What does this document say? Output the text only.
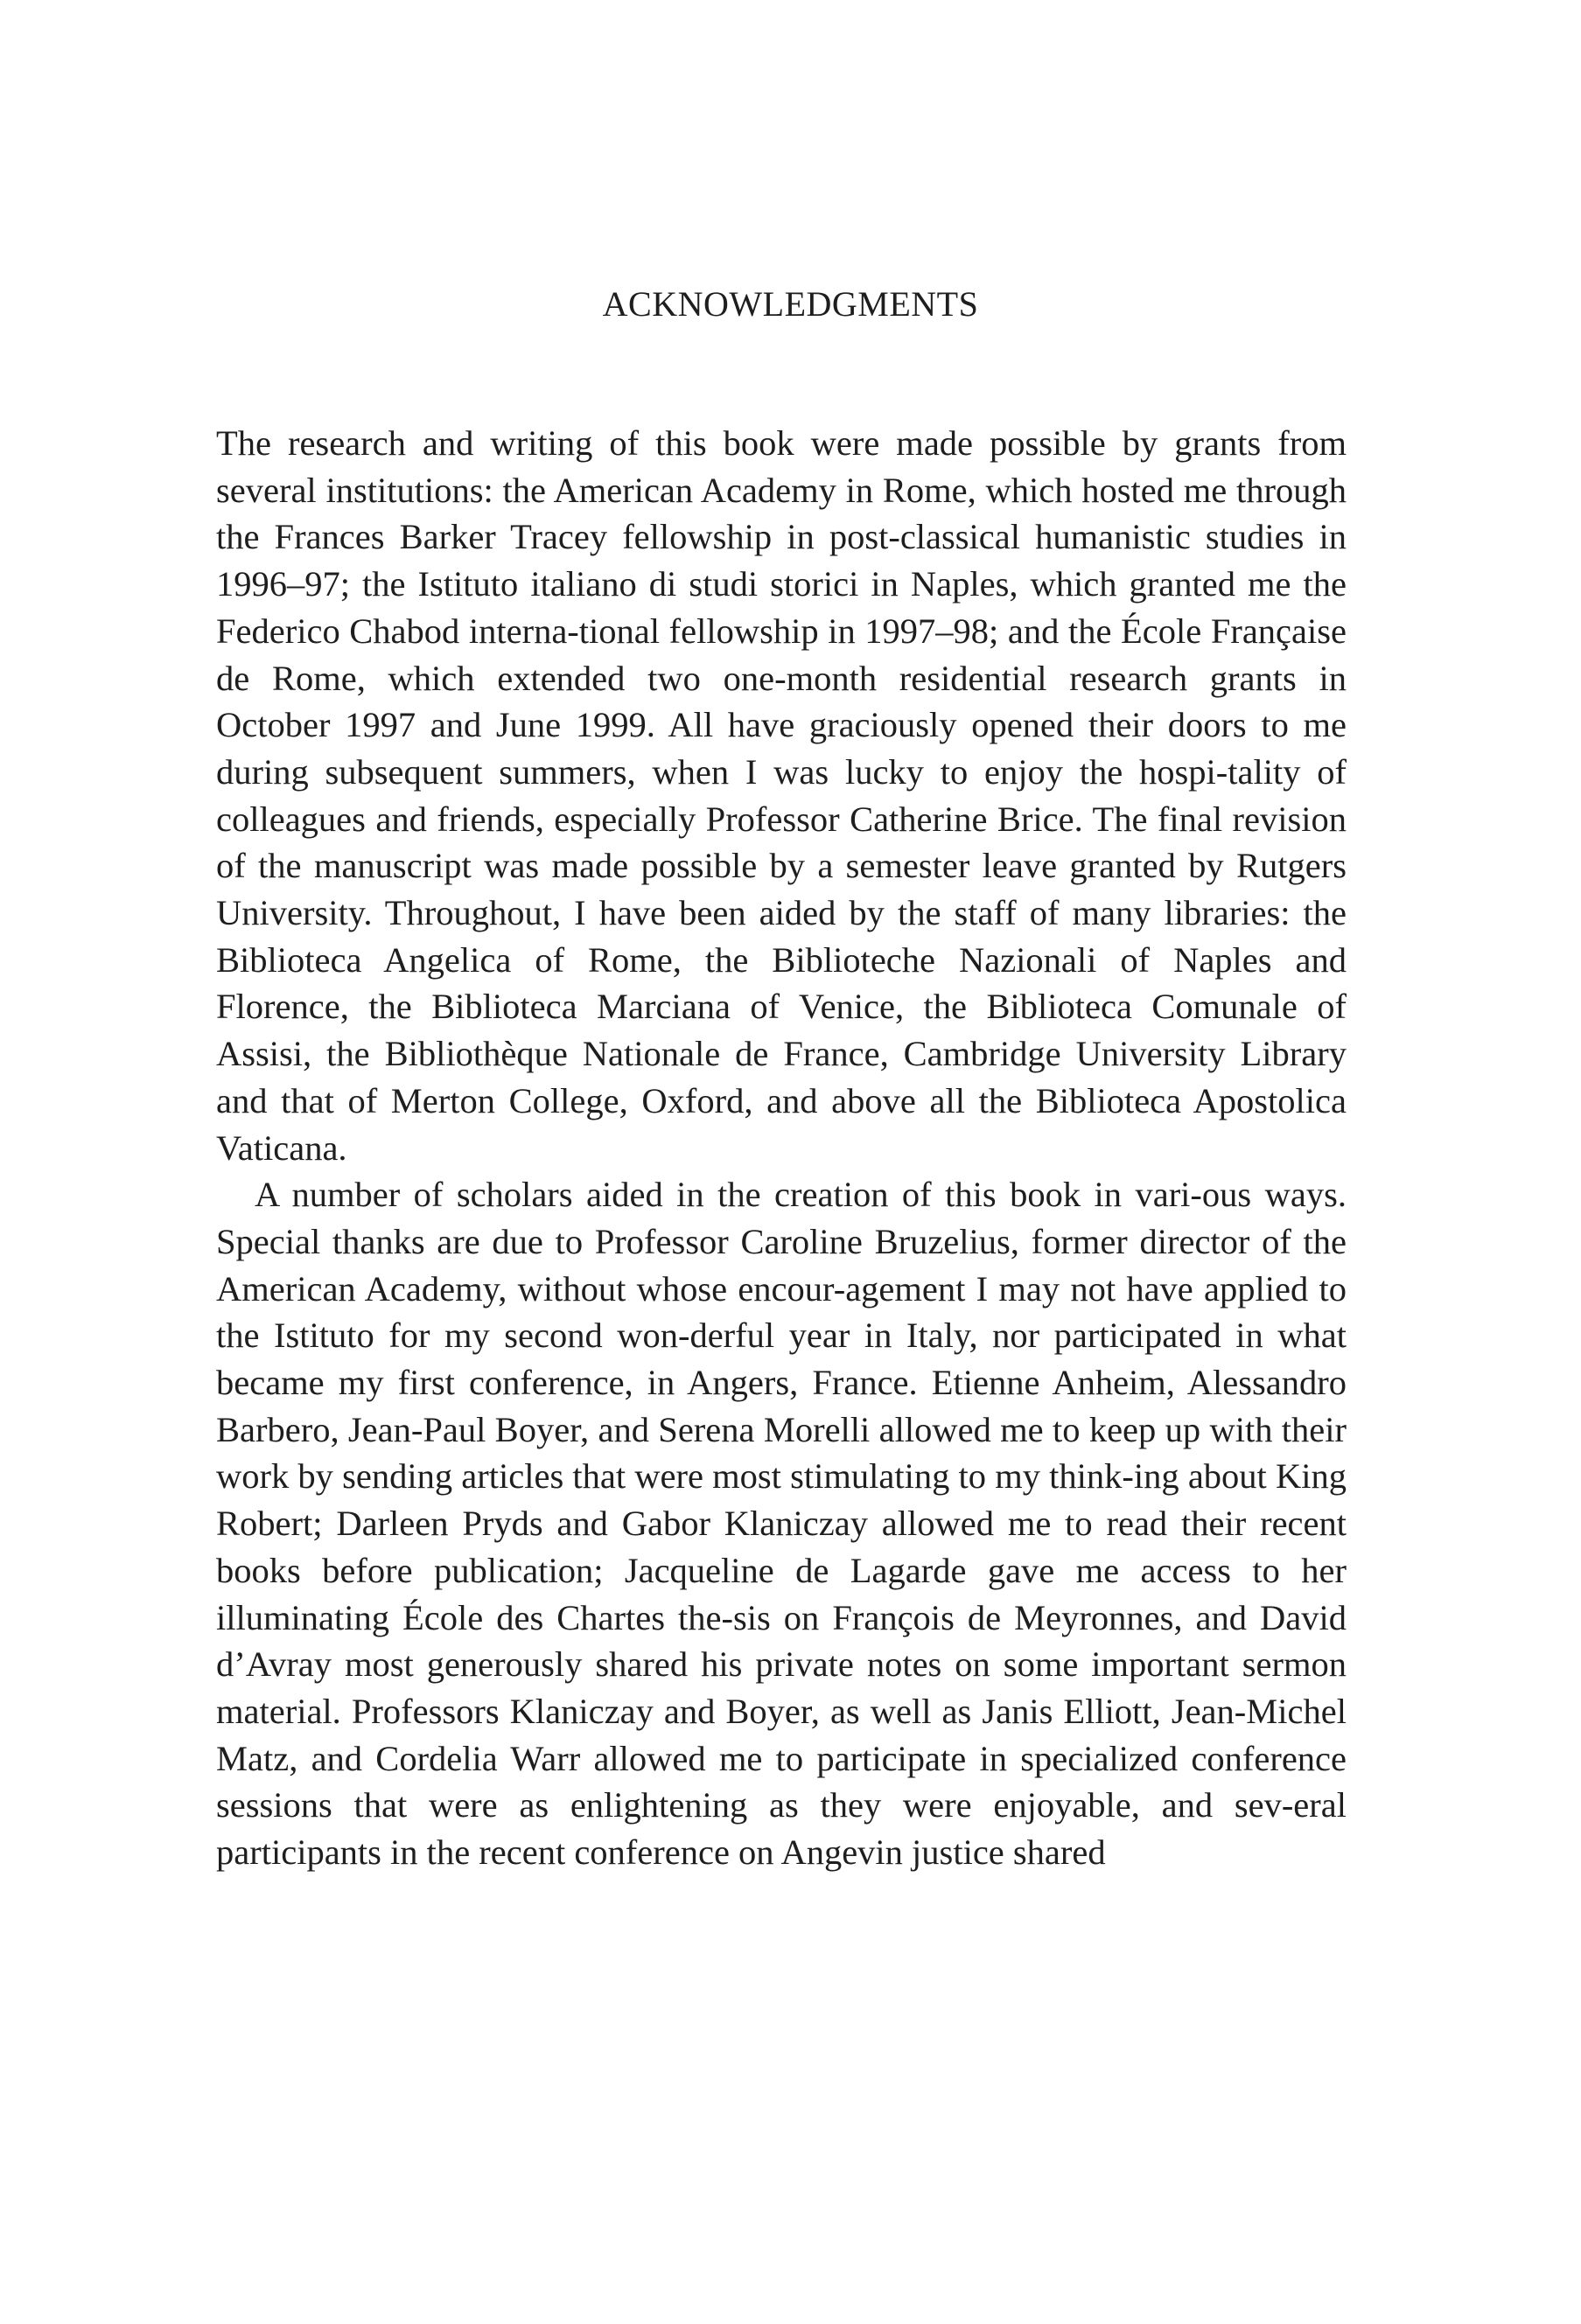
ACKNOWLEDGMENTS

The research and writing of this book were made possible by grants from several institutions: the American Academy in Rome, which hosted me through the Frances Barker Tracey fellowship in post-classical humanistic studies in 1996–97; the Istituto italiano di studi storici in Naples, which granted me the Federico Chabod interna-tional fellowship in 1997–98; and the École Française de Rome, which extended two one-month residential research grants in October 1997 and June 1999. All have graciously opened their doors to me during subsequent summers, when I was lucky to enjoy the hospi-tality of colleagues and friends, especially Professor Catherine Brice. The final revision of the manuscript was made possible by a semester leave granted by Rutgers University. Throughout, I have been aided by the staff of many libraries: the Biblioteca Angelica of Rome, the Biblioteche Nazionali of Naples and Florence, the Biblioteca Marciana of Venice, the Biblioteca Comunale of Assisi, the Bibliothèque Nationale de France, Cambridge University Library and that of Merton College, Oxford, and above all the Biblioteca Apostolica Vaticana.

A number of scholars aided in the creation of this book in vari-ous ways. Special thanks are due to Professor Caroline Bruzelius, former director of the American Academy, without whose encour-agement I may not have applied to the Istituto for my second won-derful year in Italy, nor participated in what became my first conference, in Angers, France. Etienne Anheim, Alessandro Barbero, Jean-Paul Boyer, and Serena Morelli allowed me to keep up with their work by sending articles that were most stimulating to my think-ing about King Robert; Darleen Pryds and Gabor Klaniczay allowed me to read their recent books before publication; Jacqueline de Lagarde gave me access to her illuminating École des Chartes the-sis on François de Meyronnes, and David d’Avray most generously shared his private notes on some important sermon material. Professors Klaniczay and Boyer, as well as Janis Elliott, Jean-Michel Matz, and Cordelia Warr allowed me to participate in specialized conference sessions that were as enlightening as they were enjoyable, and sev-eral participants in the recent conference on Angevin justice shared
